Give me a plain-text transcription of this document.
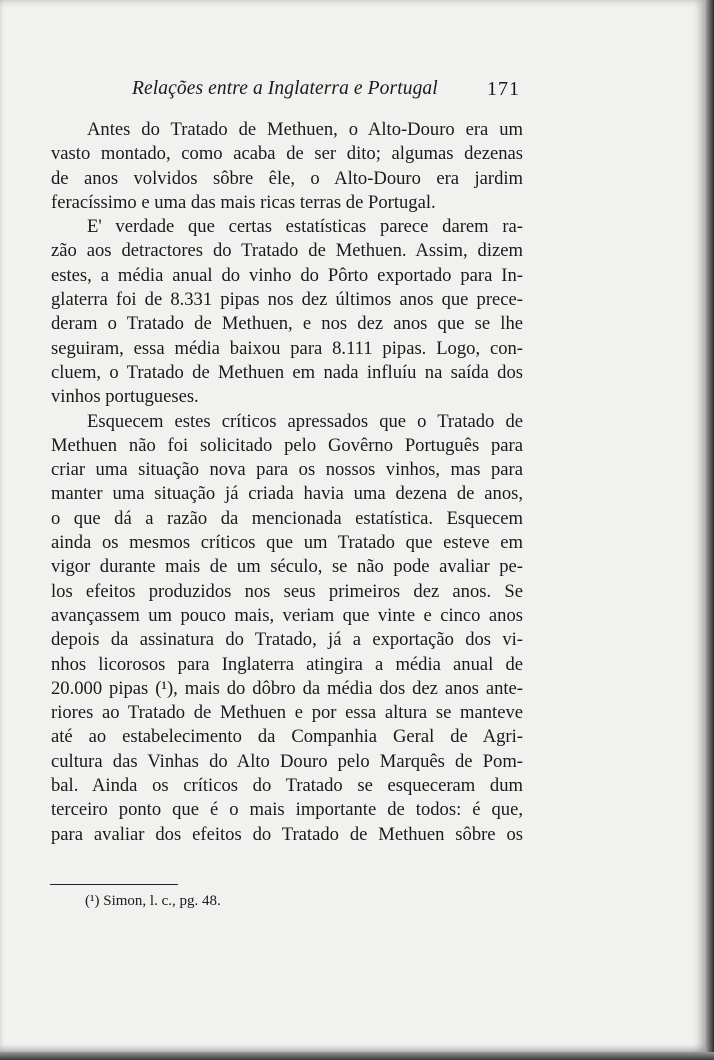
Relações entre a Inglaterra e Portugal 171
Antes do Tratado de Methuen, o Alto-Douro era um
vasto montado, como acaba de ser dito; algumas dezenas
de anos volvidos sôbre êle, o Alto-Douro era jardim
feracíssimo e uma das mais ricas terras de Portugal.
E' verdade que certas estatísticas parece darem ra-
zão aos detractores do Tratado de Methuen. Assim, dizem
estes, a média anual do vinho do Pôrto exportado para In-
glaterra foi de 8.331 pipas nos dez últimos anos que prece-
deram o Tratado de Methuen, e nos dez anos que se lhe
seguiram, essa média baixou para 8.111 pipas. Logo, con-
cluem, o Tratado de Methuen em nada influíu na saída dos
vinhos portugueses.
Esquecem estes críticos apressados que o Tratado de
Methuen não foi solicitado pelo Govêrno Português para
criar uma situação nova para os nossos vinhos, mas para
manter uma situação já criada havia uma dezena de anos,
o que dá a razão da mencionada estatística. Esquecem
ainda os mesmos críticos que um Tratado que esteve em
vigor durante mais de um século, se não pode avaliar pe-
los efeitos produzidos nos seus primeiros dez anos. Se
avançassem um pouco mais, veriam que vinte e cinco anos
depois da assinatura do Tratado, já a exportação dos vi-
nhos licorosos para Inglaterra atingira a média anual de
20.000 pipas (¹), mais do dôbro da média dos dez anos ante-
riores ao Tratado de Methuen e por essa altura se manteve
até ao estabelecimento da Companhia Geral de Agri-
cultura das Vinhas do Alto Douro pelo Marquês de Pom-
bal. Ainda os críticos do Tratado se esqueceram dum
terceiro ponto que é o mais importante de todos: é que,
para avaliar dos efeitos do Tratado de Methuen sôbre os
(¹) Simon, l. c., pg. 48.
